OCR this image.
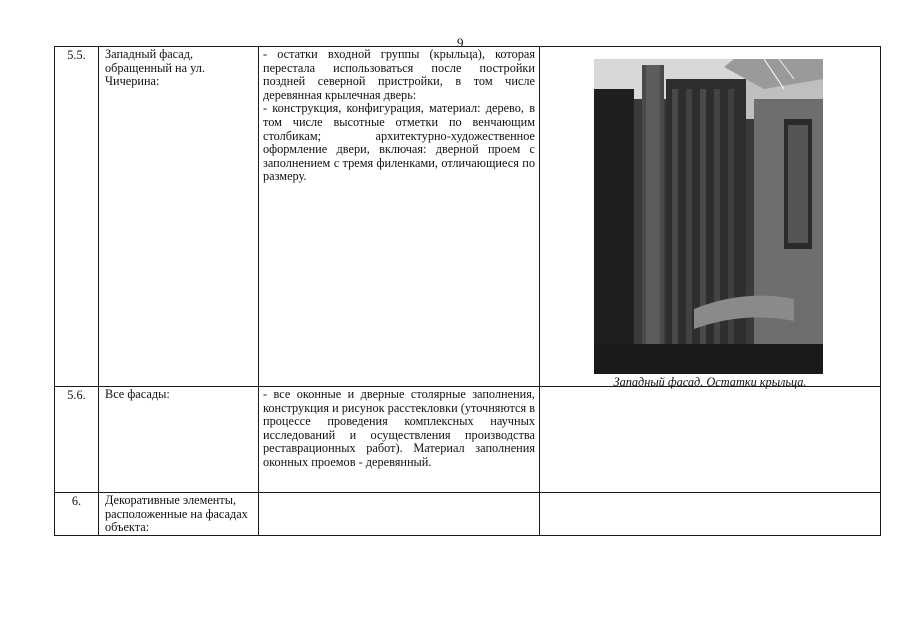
9
5.5.	Западный фасад, обращенный на ул. Чичерина:	- остатки входной группы (крыльца), которая перестала использоваться после постройки поздней северной пристройки, в том числе деревянная крылечная дверь:

- конструкция, конфигурация, материал: дерево, в том числе высотные отметки по венчающим столбикам; архитектурно-художественное оформление двери, включая: дверной проем с заполнением с тремя филенками, отличающиеся по размеру.	Западный фасад. Остатки крыльца.

5.6.	Все фасады:	- все оконные и дверные столярные заполнения, конструкция и рисунок расстекловки (уточняются в процессе проведения комплексных научных исследований и осуществления производства реставрационных работ). Материал заполнения оконных проемов - деревянный.	

6.	Декоративные элементы, расположенные на фасадах объекта:		
